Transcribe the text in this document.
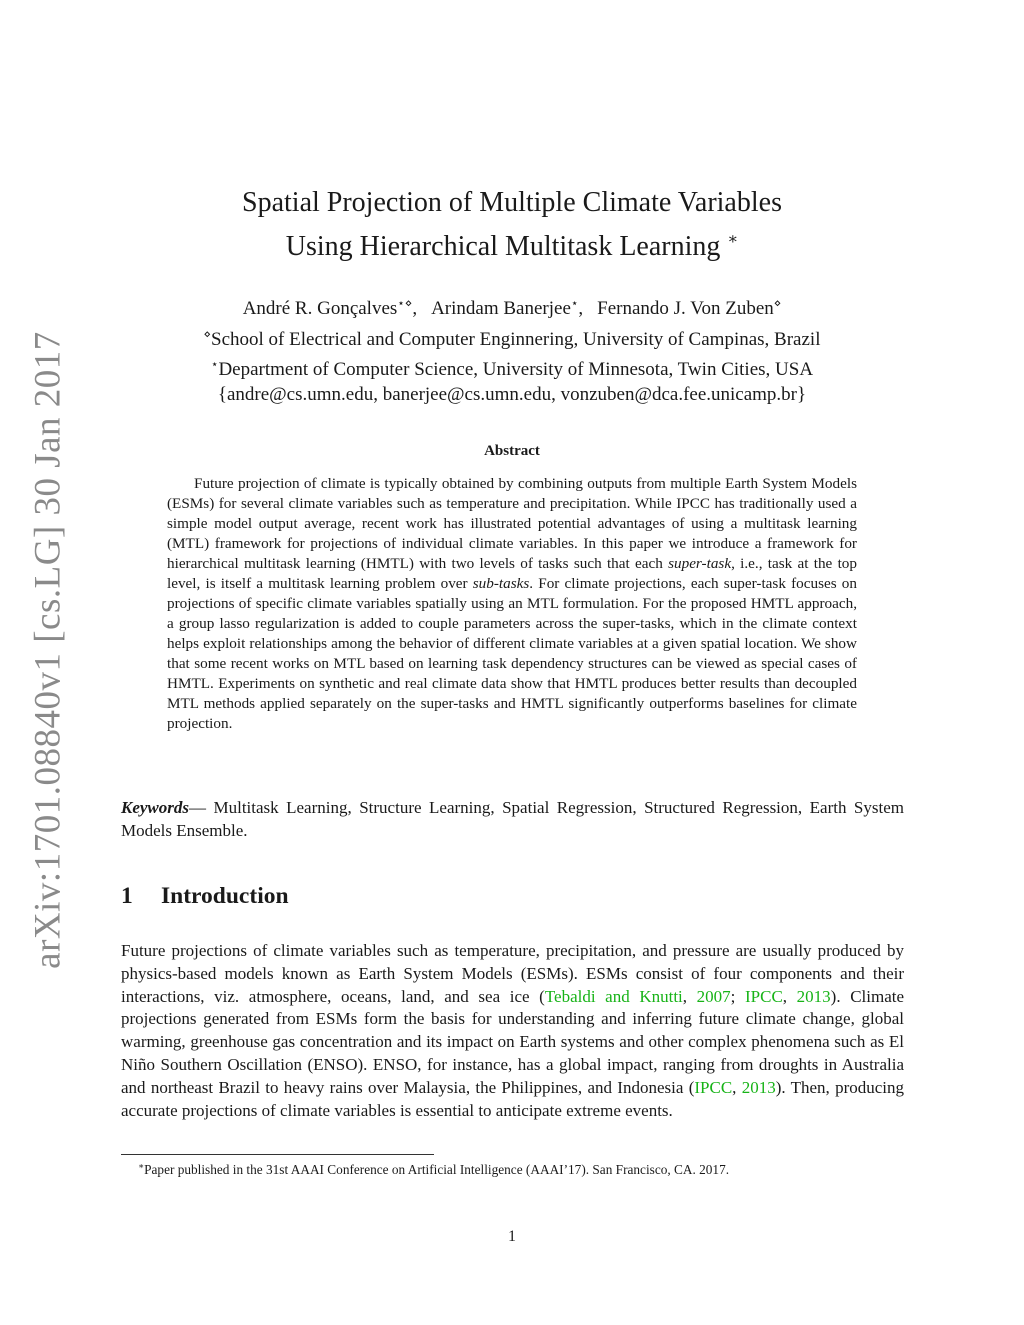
arXiv:1701.08840v1 [cs.LG] 30 Jan 2017
Spatial Projection of Multiple Climate Variables
Using Hierarchical Multitask Learning ∗
André R. Gonçalves⋆⋄, Arindam Banerjee⋆, Fernando J. Von Zuben⋄
⋄School of Electrical and Computer Enginnering, University of Campinas, Brazil
⋆Department of Computer Science, University of Minnesota, Twin Cities, USA
{andre@cs.umn.edu, banerjee@cs.umn.edu, vonzuben@dca.fee.unicamp.br}
Abstract

Future projection of climate is typically obtained by combining outputs from multiple Earth System Models (ESMs) for several climate variables such as temperature and precipitation. While IPCC has traditionally used a simple model output average, recent work has illustrated potential advantages of using a multitask learning (MTL) framework for projections of individual climate variables. In this paper we introduce a framework for hierarchical multitask learning (HMTL) with two levels of tasks such that each super-task, i.e., task at the top level, is itself a multitask learning problem over sub-tasks. For climate projections, each super-task focuses on projections of specific climate variables spatially using an MTL formulation. For the proposed HMTL approach, a group lasso regularization is added to couple parameters across the super-tasks, which in the climate context helps exploit relationships among the behavior of different climate variables at a given spatial location. We show that some recent works on MTL based on learning task dependency structures can be viewed as special cases of HMTL. Experiments on synthetic and real climate data show that HMTL produces better results than decoupled MTL methods applied separately on the super-tasks and HMTL significantly outperforms baselines for climate projection.

Keywords— Multitask Learning, Structure Learning, Spatial Regression, Structured Regression, Earth System Models Ensemble.

1 Introduction

Future projections of climate variables such as temperature, precipitation, and pressure are usually produced by physics-based models known as Earth System Models (ESMs). ESMs consist of four components and their interactions, viz. atmosphere, oceans, land, and sea ice (Tebaldi and Knutti, 2007; IPCC, 2013). Climate projections generated from ESMs form the basis for understanding and inferring future climate change, global warming, greenhouse gas concentration and its impact on Earth systems and other complex phenomena such as El Niño Southern Oscillation (ENSO). ENSO, for instance, has a global impact, ranging from droughts in Australia and northeast Brazil to heavy rains over Malaysia, the Philippines, and Indonesia (IPCC, 2013). Then, producing accurate projections of climate variables is essential to anticipate extreme events.

∗Paper published in the 31st AAAI Conference on Artificial Intelligence (AAAI’17). San Francisco, CA. 2017.

1
